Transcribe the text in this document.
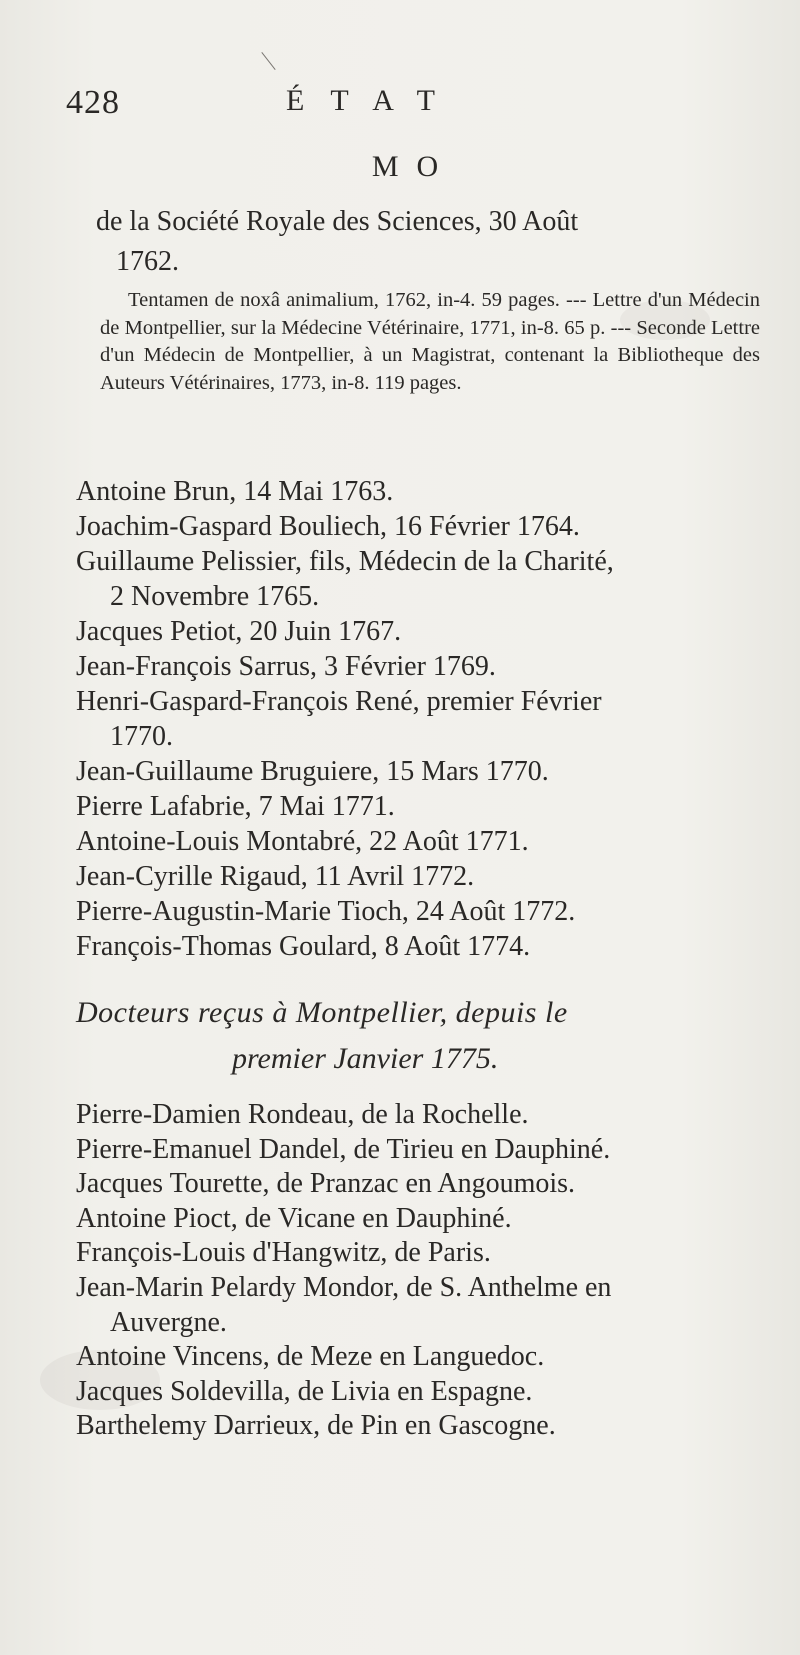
428	ÉTAT
MO
de la Société Royale des Sciences, 30 Août
1762.
Tentamen de noxâ animalium, 1762, in-4. 59 pages. --- Lettre d'un Médecin de Montpellier, sur la Médecine Vétérinaire, 1771, in-8. 65 p. --- Seconde Lettre d'un Médecin de Montpellier, à un Magistrat, contenant la Bibliotheque des Auteurs Vétérinaires, 1773, in-8. 119 pages.
Antoine Brun, 14 Mai 1763.
Joachim-Gaspard Bouliech, 16 Février 1764.
Guillaume Pelissier, fils, Médecin de la Charité,
2 Novembre 1765.
Jacques Petiot, 20 Juin 1767.
Jean-François Sarrus, 3 Février 1769.
Henri-Gaspard-François René, premier Février
1770.
Jean-Guillaume Bruguiere, 15 Mars 1770.
Pierre Lafabrie, 7 Mai 1771.
Antoine-Louis Montabré, 22 Août 1771.
Jean-Cyrille Rigaud, 11 Avril 1772.
Pierre-Augustin-Marie Tioch, 24 Août 1772.
François-Thomas Goulard, 8 Août 1774.
Docteurs reçus à Montpellier, depuis le
premier Janvier 1775.
Pierre-Damien Rondeau, de la Rochelle.
Pierre-Emanuel Dandel, de Tirieu en Dauphiné.
Jacques Tourette, de Pranzac en Angoumois.
Antoine Pioct, de Vicane en Dauphiné.
François-Louis d'Hangwitz, de Paris.
Jean-Marin Pelardy Mondor, de S. Anthelme en
Auvergne.
Antoine Vincens, de Meze en Languedoc.
Jacques Soldevilla, de Livia en Espagne.
Barthelemy Darrieux, de Pin en Gascogne.
